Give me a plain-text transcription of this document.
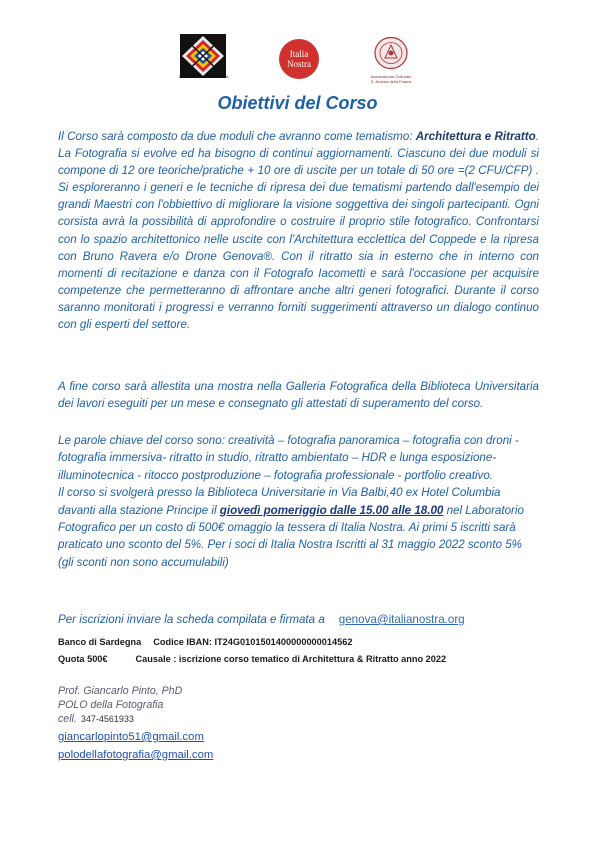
POLO DELLA FOTOGRAFIA
Italia
Nostra
Associazione Culturale
S. Andrea della Frasca
Obiettivi del Corso
Il Corso sarà composto da due moduli che avranno come tematismo: Architettura e Ritratto. La Fotografia si evolve ed ha bisogno di continui aggiornamenti. Ciascuno dei due moduli si compone di 12 ore teoriche/pratiche + 10 ore di uscite per un totale di 50 ore =(2 CFU/CFP) . Si esploreranno i generi e le tecniche di ripresa dei due tematismi partendo dall'esempio dei grandi Maestri con l'obbiettivo di migliorare la visione soggettiva dei singoli partecipanti. Ogni corsista avrà la possibilità di approfondire o costruire il proprio stile fotografico. Confrontarsi con lo spazio architettonico nelle uscite con l'Architettura ecclettica del Coppede e la ripresa con Bruno Ravera e/o Drone Genova®. Con il ritratto sia in esterno che in interno con momenti di recitazione e danza con il Fotografo Iacometti e sarà l'occasione per acquisire competenze che permetteranno di affrontare anche altri generi fotografici. Durante il corso saranno monitorati i progressi e verranno forniti suggerimenti attraverso un dialogo continuo con gli esperti del settore.
A fine corso sarà allestita una mostra nella Galleria Fotografica della Biblioteca Universitaria dei lavori eseguiti per un mese e consegnato gli attestati di superamento del corso.
Le parole chiave del corso sono: creatività – fotografia panoramica – fotografia con droni - fotografia immersiva- ritratto in studio, ritratto ambientato – HDR e lunga esposizione- illuminotecnica - ritocco postproduzione – fotografia professionale - portfolio creativo.
Il corso si svolgerà presso la Biblioteca Universitarie in Via Balbi,40 ex Hotel Columbia davanti alla stazione Principe il giovedì pomeriggio dalle 15.00 alle 18.00 nel Laboratorio Fotografico per un costo di 500€ omaggio la tessera di Italia Nostra. Ai primi 5 iscritti sarà praticato uno sconto del 5%. Per i soci di Italia Nostra Iscritti al 31 maggio 2022 sconto 5% (gli sconti non sono accumulabili)
Per iscrizioni inviare la scheda compilata e firmata a genova@italianostra.org
Banco di Sardegna Codice IBAN: IT24G0101501400000000014562
Quota 500€	Causale : iscrizione corso tematico di Architettura & Ritratto anno 2022
Prof. Giancarlo Pinto, PhD
POLO della Fotografia
cell. 347-4561933
giancarlopinto51@gmail.com
polodellafotografia@gmail.com
